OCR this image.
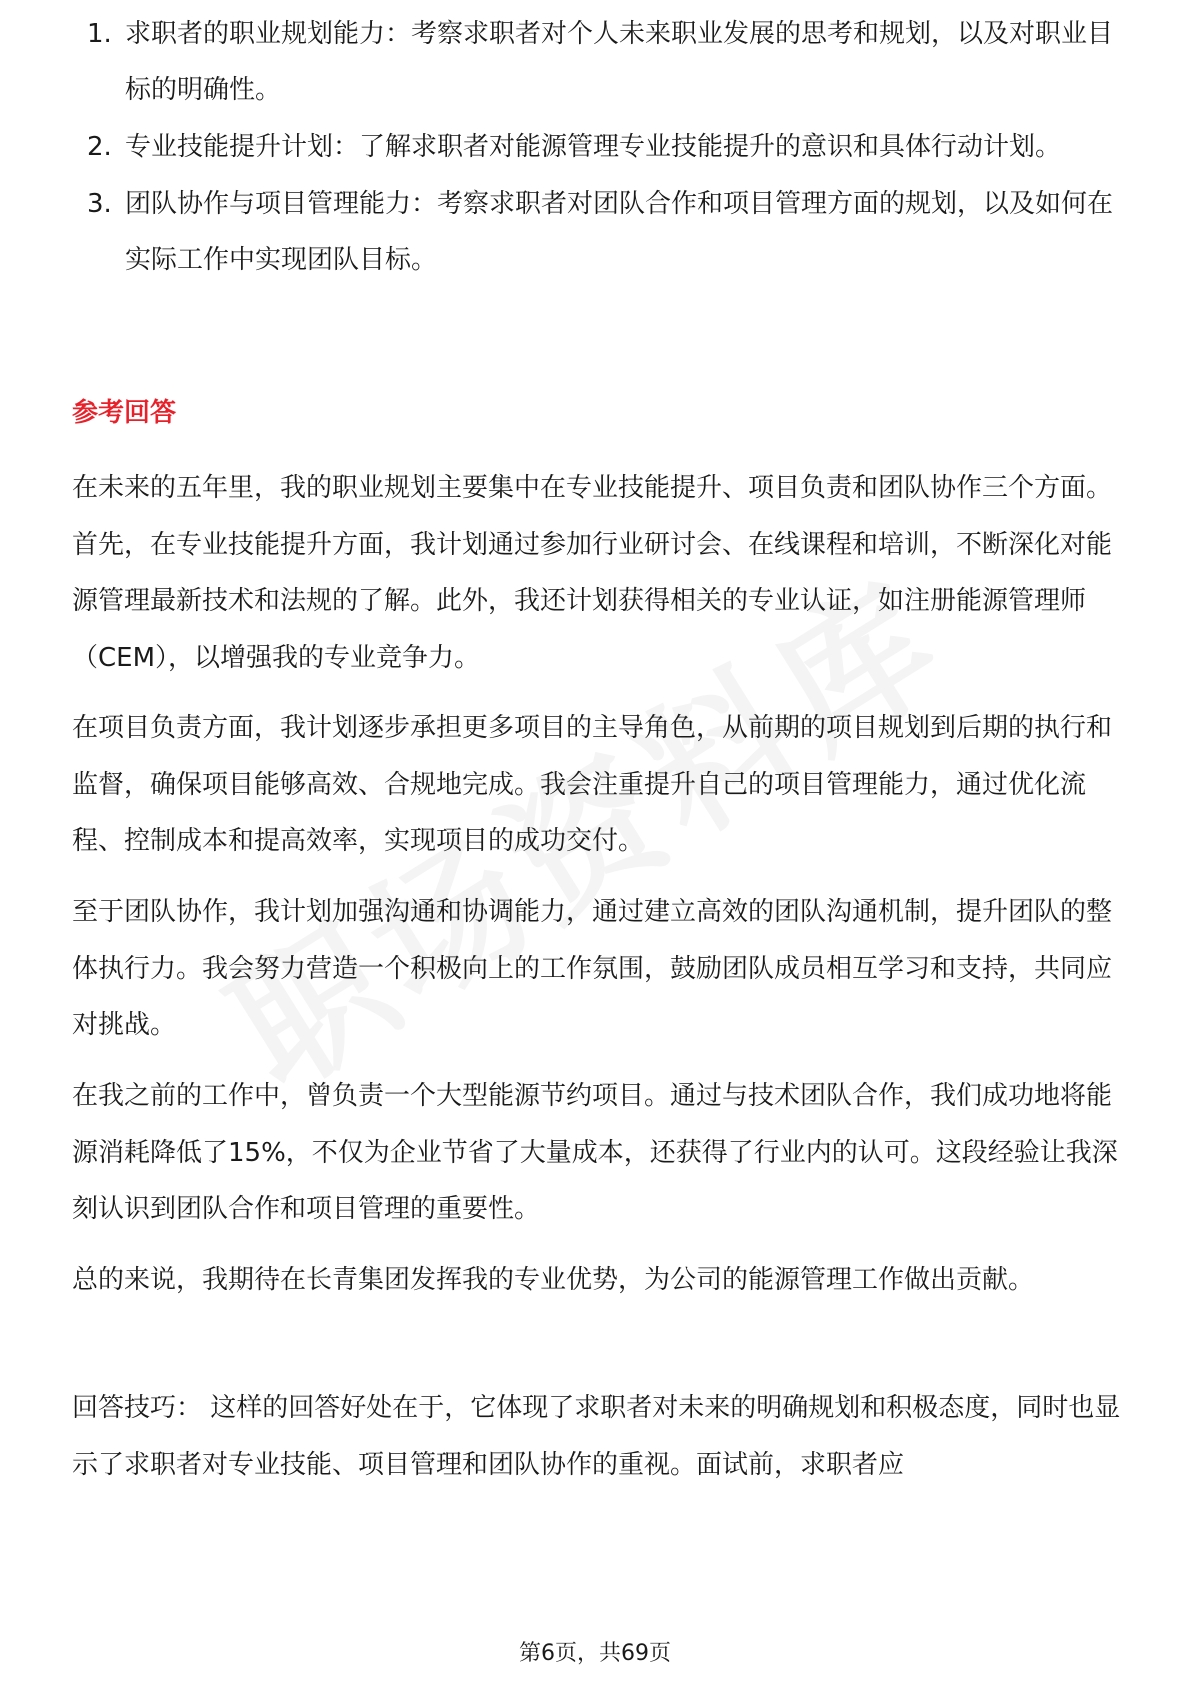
1. 求职者的职业规划能力：考察求职者对个人未来职业发展的思考和规划，以及对职业目标的明确性。
2. 专业技能提升计划：了解求职者对能源管理专业技能提升的意识和具体行动计划。
3. 团队协作与项目管理能力：考察求职者对团队合作和项目管理方面的规划，以及如何在实际工作中实现团队目标。
参考回答

在未来的五年里，我的职业规划主要集中在专业技能提升、项目负责和团队协作三个方面。首先，在专业技能提升方面，我计划通过参加行业研讨会、在线课程和培训，不断深化对能源管理最新技术和法规的了解。此外，我还计划获得相关的专业认证，如注册能源管理师（CEM），以增强我的专业竞争力。

在项目负责方面，我计划逐步承担更多项目的主导角色，从前期的项目规划到后期的执行和监督，确保项目能够高效、合规地完成。我会注重提升自己的项目管理能力，通过优化流程、控制成本和提高效率，实现项目的成功交付。

至于团队协作，我计划加强沟通和协调能力，通过建立高效的团队沟通机制，提升团队的整体执行力。我会努力营造一个积极向上的工作氛围，鼓励团队成员相互学习和支持，共同应对挑战。

在我之前的工作中，曾负责一个大型能源节约项目。通过与技术团队合作，我们成功地将能源消耗降低了15%，不仅为企业节省了大量成本，还获得了行业内的认可。这段经验让我深刻认识到团队合作和项目管理的重要性。

总的来说，我期待在长青集团发挥我的专业优势，为公司的能源管理工作做出贡献。

回答技巧： 这样的回答好处在于，它体现了求职者对未来的明确规划和积极态度，同时也显示了求职者对专业技能、项目管理和团队协作的重视。面试前，求职者应

第6页，共69页
